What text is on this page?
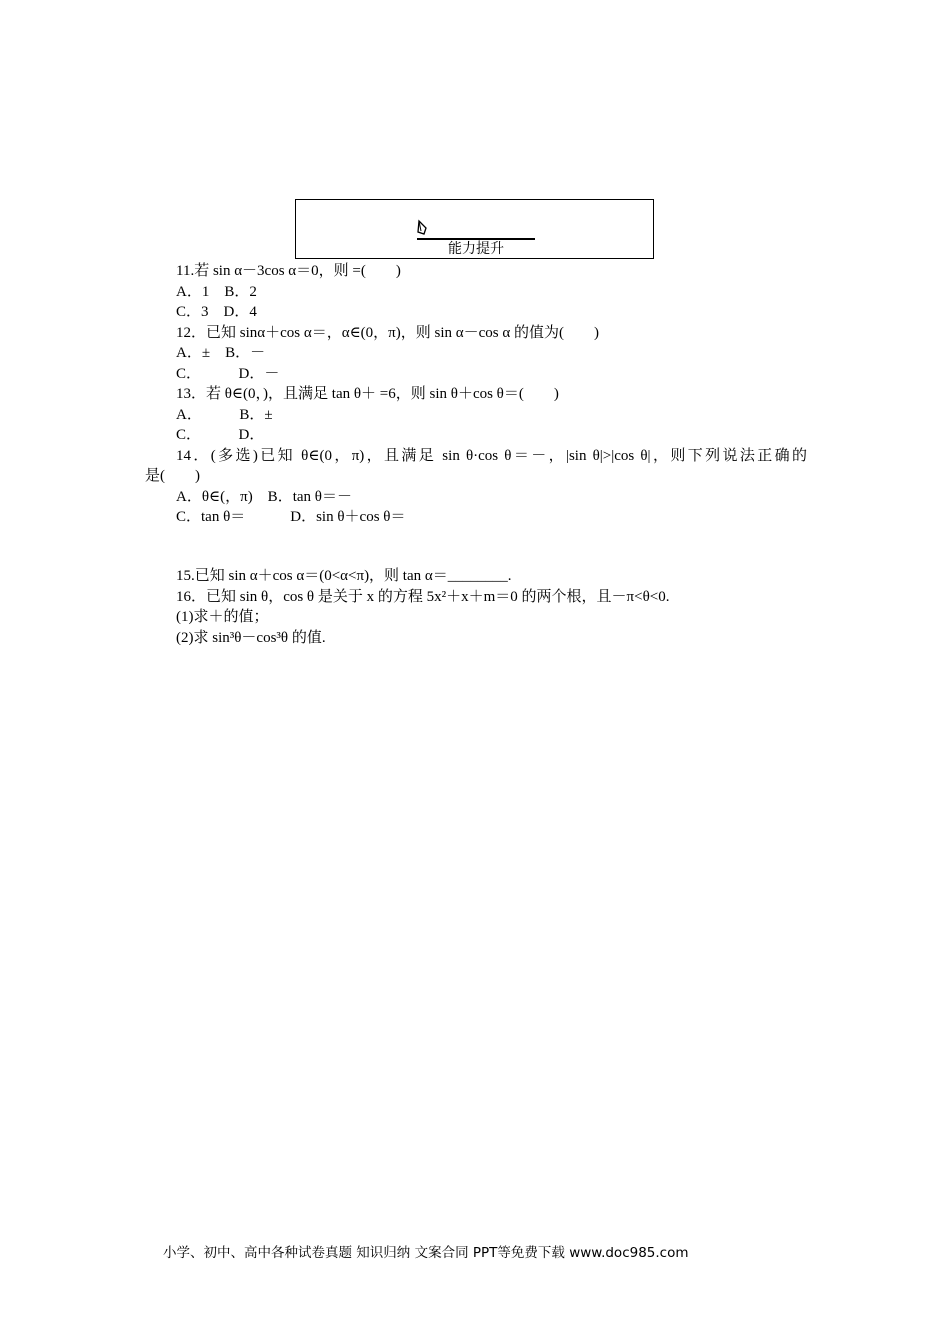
能力提升
11.若 sin α－3cos α＝0，则 =(　　)
A．1　B．2
C．3　D．4
12．已知 sinα＋cos α＝，α∈(0，π)，则 sin α－cos α 的值为(　　)
A．±　B．－
C．　　　D．－
13．若 θ∈(0，)，且满足 tan θ＋ =6，则 sin θ＋cos θ＝(　　)
A．　　　B．±
C．　　　D．
14．(多选)已知 θ∈(0，π)，且满足 sin θ·cos θ＝－，|sin θ|>|cos θ|，则下列说法正确的
是(　　)
A．θ∈(，π)　B．tan θ＝－
C．tan θ＝　　　D．sin θ＋cos θ＝
15.已知 sin α＋cos α＝(0<α<π)，则 tan α＝________.
16．已知 sin θ，cos θ 是关于 x 的方程 5x²＋x＋m＝0 的两个根，且－π<θ<0.
(1)求＋的值；
(2)求 sin³θ－cos³θ 的值.
小学、初中、高中各种试卷真题 知识归纳 文案合同 PPT等免费下载 www.doc985.com
